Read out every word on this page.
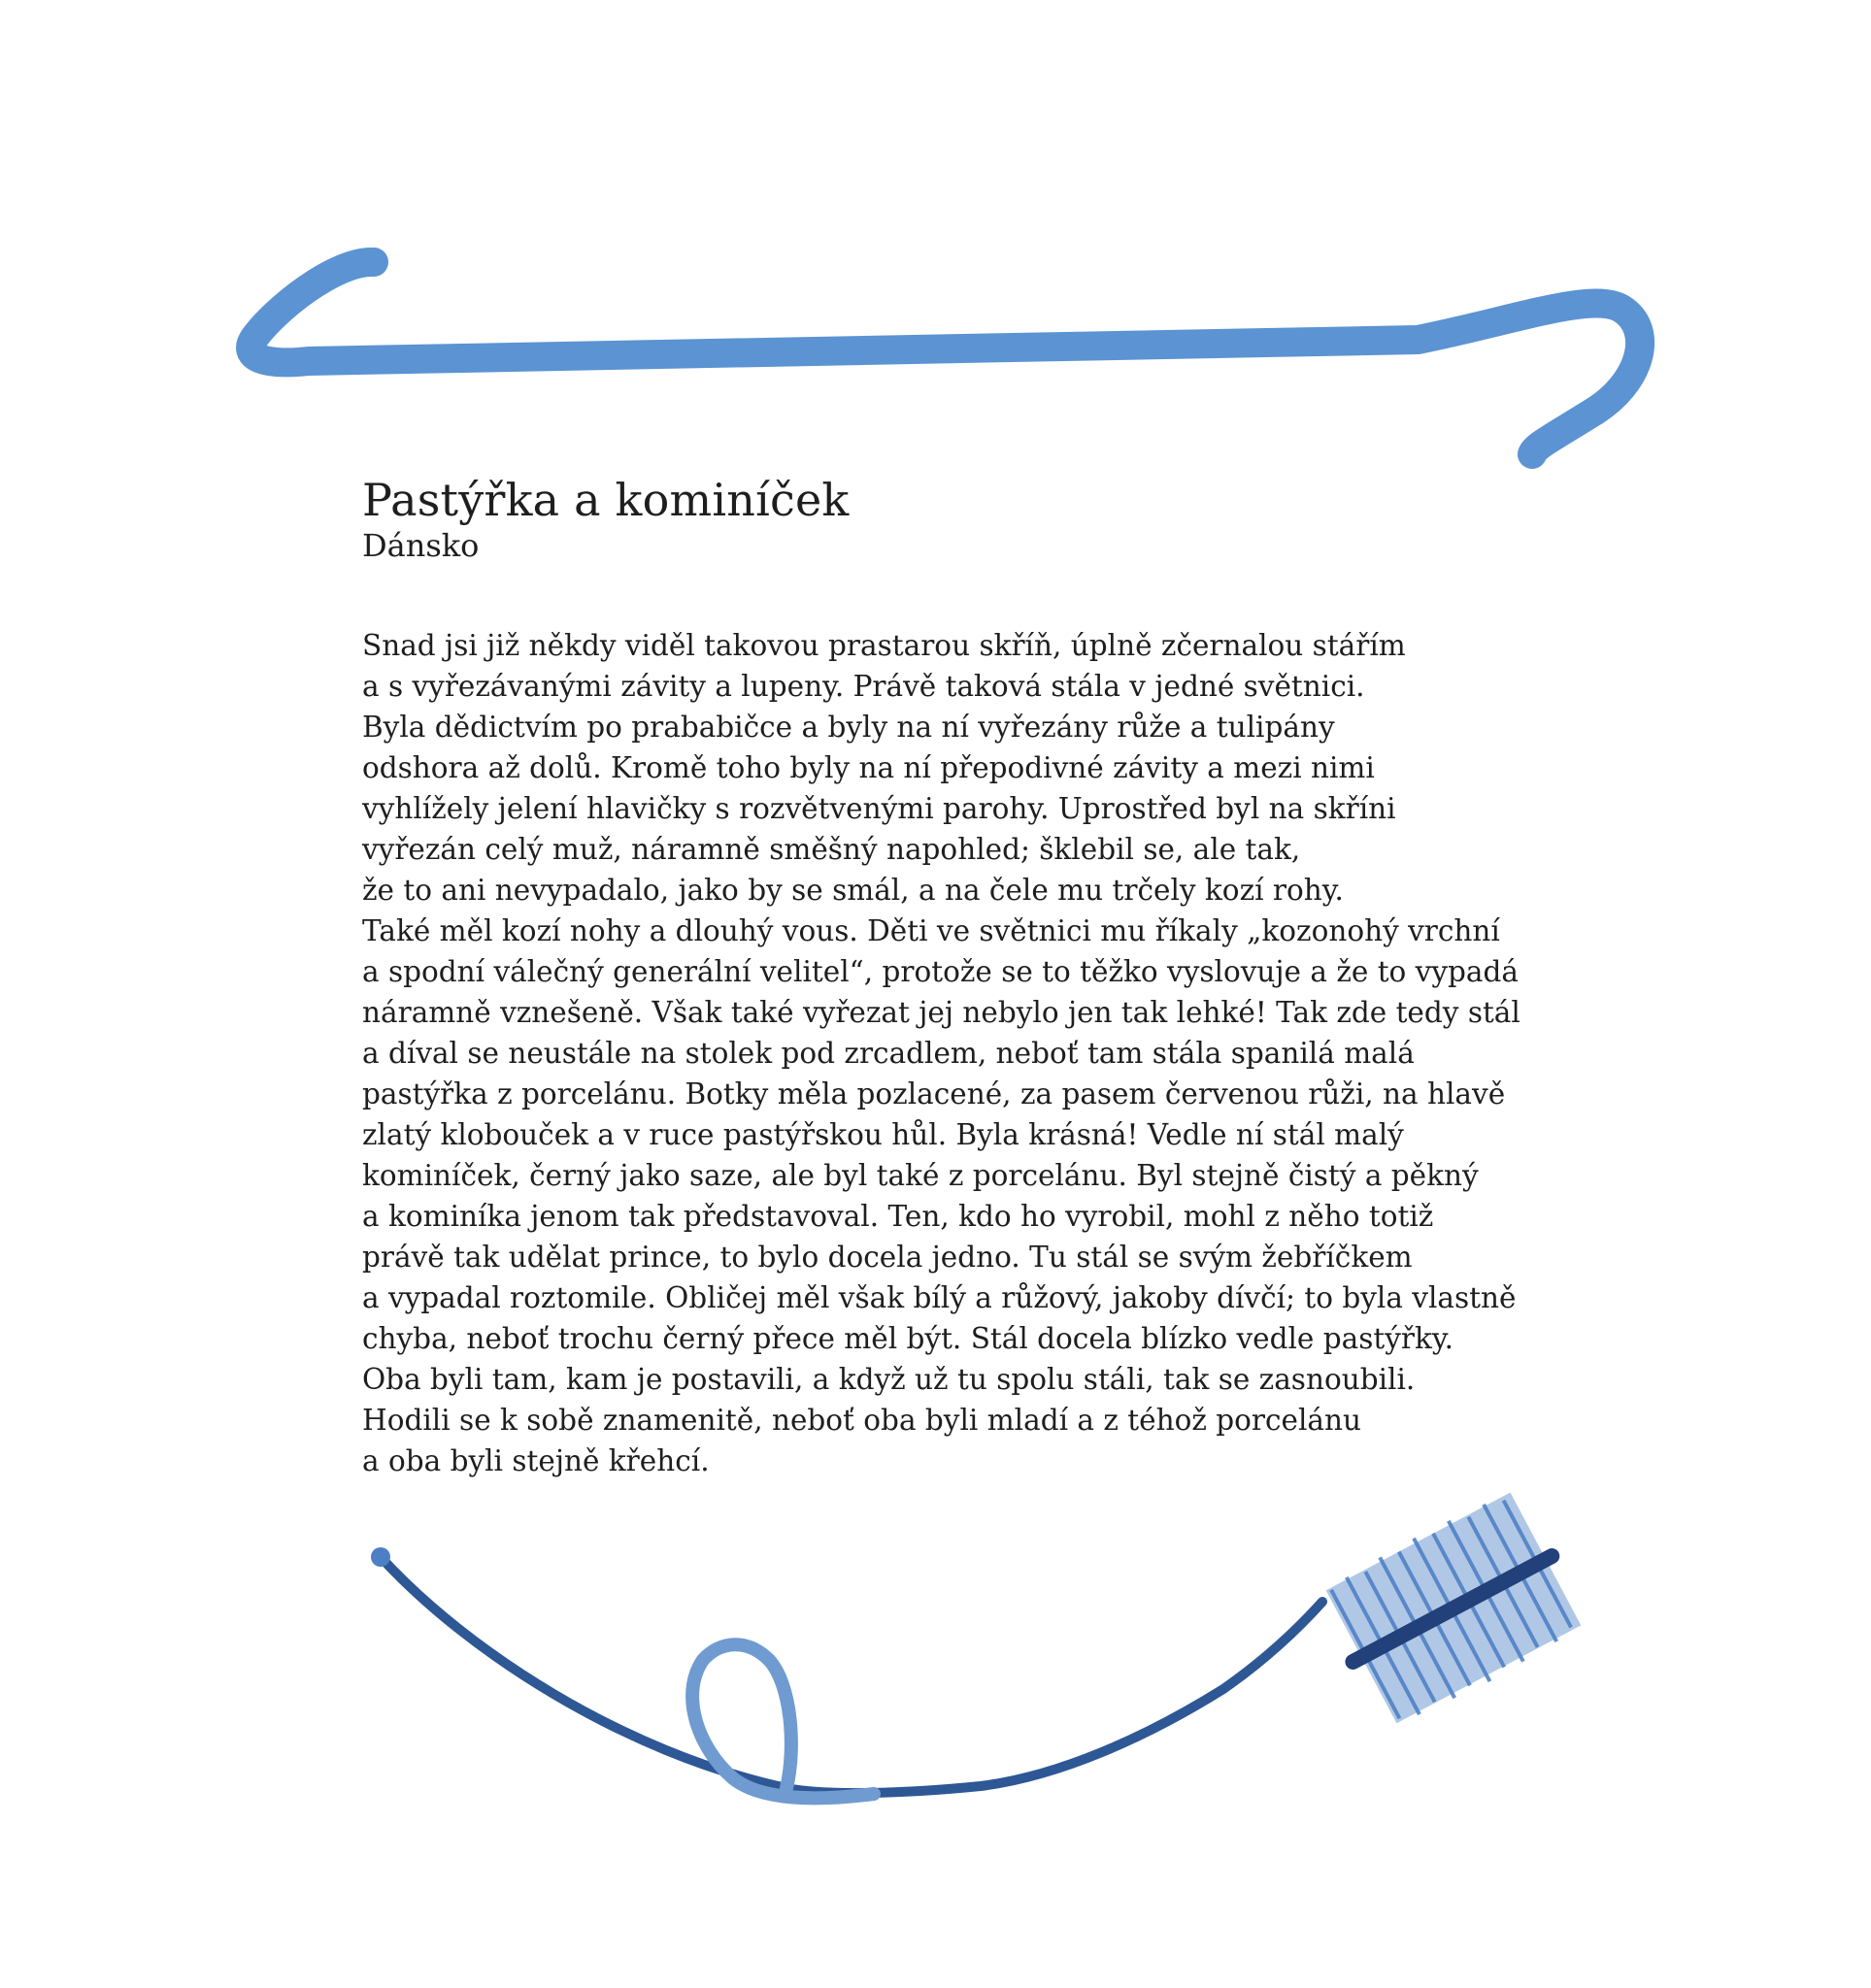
Pastýřka a kominíček
Dánsko
Snad jsi již někdy viděl takovou prastarou skříň, úplně zčernalou stářím
a s vyřezávanými závity a lupeny. Právě taková stála v jedné světnici.
Byla dědictvím po prababičce a byly na ní vyřezány růže a tulipány
odshora až dolů. Kromě toho byly na ní přepodivné závity a mezi nimi
vyhlížely jelení hlavičky s rozvětvenými parohy. Uprostřed byl na skříni
vyřezán celý muž, náramně směšný napohled; šklebil se, ale tak,
že to ani nevypadalo, jako by se smál, a na čele mu trčely kozí rohy.
Také měl kozí nohy a dlouhý vous. Děti ve světnici mu říkaly „kozonohý vrchní
a spodní válečný generální velitel“, protože se to těžko vyslovuje a že to vypadá
náramně vznešeně. Však také vyřezat jej nebylo jen tak lehké! Tak zde tedy stál
a díval se neustále na stolek pod zrcadlem, neboť tam stála spanilá malá
pastýřka z porcelánu. Botky měla pozlacené, za pasem červenou růži, na hlavě
zlatý klobouček a v ruce pastýřskou hůl. Byla krásná! Vedle ní stál malý
kominíček, černý jako saze, ale byl také z porcelánu. Byl stejně čistý a pěkný
a kominíka jenom tak představoval. Ten, kdo ho vyrobil, mohl z něho totiž
právě tak udělat prince, to bylo docela jedno. Tu stál se svým žebříčkem
a vypadal roztomile. Obličej měl však bílý a růžový, jakoby dívčí; to byla vlastně
chyba, neboť trochu černý přece měl být. Stál docela blízko vedle pastýřky.
Oba byli tam, kam je postavili, a když už tu spolu stáli, tak se zasnoubili.
Hodili se k sobě znamenitě, neboť oba byli mladí a z téhož porcelánu
a oba byli stejně křehcí.
